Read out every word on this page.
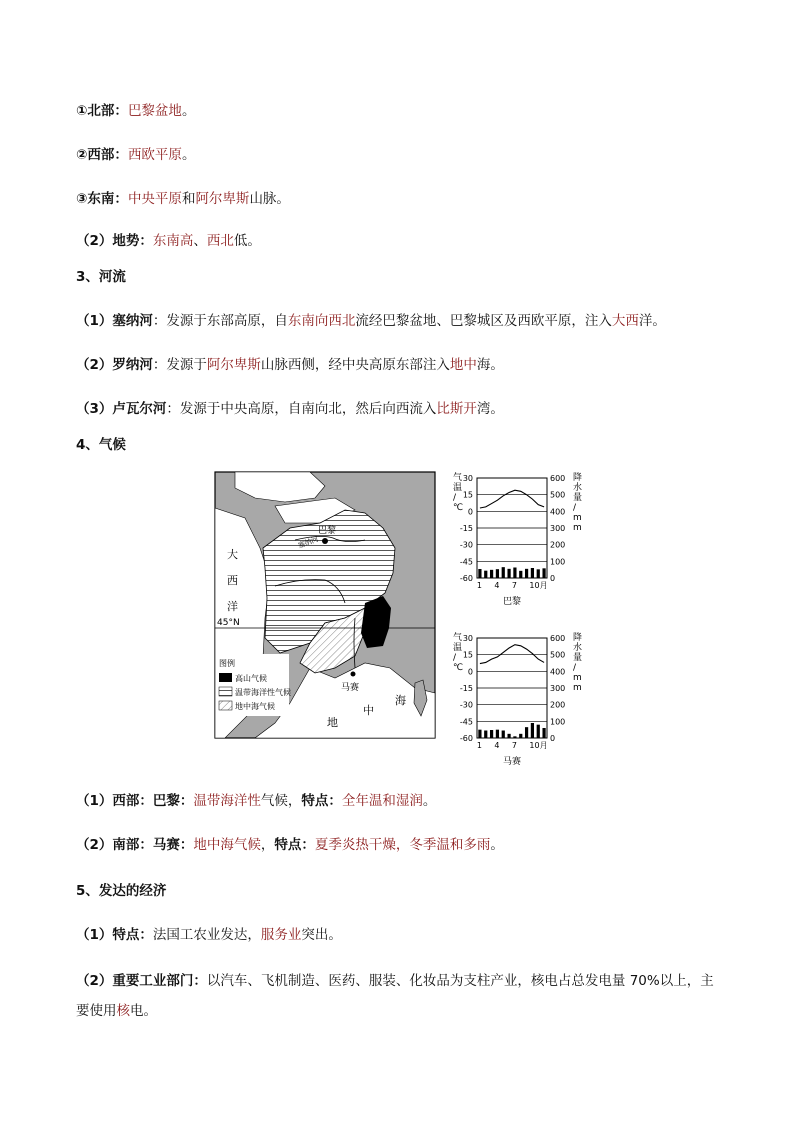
①北部：巴黎盆地。
②西部：西欧平原。
③东南：中央平原和阿尔卑斯山脉。
（2）地势：东南高、西北低。
3、河流
（1）塞纳河：发源于东部高原，自东南向西北流经巴黎盆地、巴黎城区及西欧平原，注入大西洋。
（2）罗纳河：发源于阿尔卑斯山脉西侧，经中央高原东部注入地中海。
（3）卢瓦尔河：发源于中央高原，自南向北，然后向西流入比斯开湾。
4、气候
45°N
巴黎
塞纳河
马赛
大西洋
地中海
图例
高山气候
温带海洋性气候
地中海气候
30
15
0
-15
-30
-45
-60
600
500
400
300
200
100
0
气温/ ℃
降水量/ m m
1 4 7 10月
巴黎
30
15
0
-15
-30
-45
-60
600
500
400
300
200
100
0
气温/ ℃
降水量/ m m
1 4 7 10月
马赛
（1）西部：巴黎：温带海洋性气候，特点：全年温和湿润。
（2）南部：马赛：地中海气候，特点：夏季炎热干燥，冬季温和多雨。
5、发达的经济
（1）特点：法国工农业发达，服务业突出。
（2）重要工业部门：以汽车、飞机制造、医药、服装、化妆品为支柱产业，核电占总发电量 70%以上，主要使用核电。
